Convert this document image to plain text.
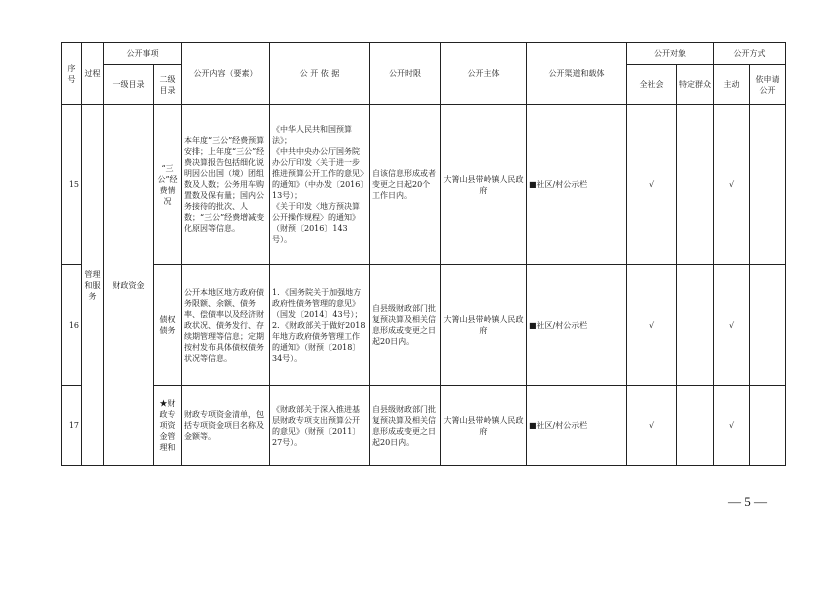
序号	过程	公开事项		公开内容（要素）	公 开 依 据	公开时限	公开主体	公开渠道和载体	公开对象		公开方式	
		一级目录	二级目录						全社会	特定群众	主动	依申请公开
15	管理和服务	财政资金	“三公”经费情况	本年度“三公”经费预算安排；上年度“三公”经费决算报告包括细化说明因公出国（境）团组数及人数；公务用车购置数及保有量；国内公务接待的批次、人数；“三公”经费增减变化原因等信息。	《中华人民共和国预算法》；
《中共中央办公厅国务院办公厅印发〈关于进一步推进预算公开工作的意见〉的通知》（中办发〔2016〕13号）；
《关于印发〈地方预决算公开操作规程〉的通知》（财预〔2016〕143号）。	自该信息形成或者变更之日起20个工作日内。	大箐山县带岭镇人民政府	■社区/村公示栏	√		√	
16			债权债务	公开本地区地方政府债务限额、余额、债务率、偿债率以及经济财政状况、债务发行、存续期管理等信息；定期按村发布具体债权债务状况等信息。	1．《国务院关于加强地方政府性债务管理的意见》（国发〔2014〕43号）；
2．《财政部关于做好2018年地方政府债务管理工作的通知》（财预〔2018〕34号）。	自县级财政部门批复预决算及相关信息形成或变更之日起20日内。	大箐山县带岭镇人民政府	■社区/村公示栏	√		√	
17			★财政专项资金管理和	财政专项资金清单，包括专项资金项目名称及金额等。	《财政部关于深入推进基层财政专项支出预算公开的意见》（财预〔2011〕27号）。	自县级财政部门批复预决算及相关信息形成或变更之日起20日内。	大箐山县带岭镇人民政府	■社区/村公示栏	√		√	
— 5 —
